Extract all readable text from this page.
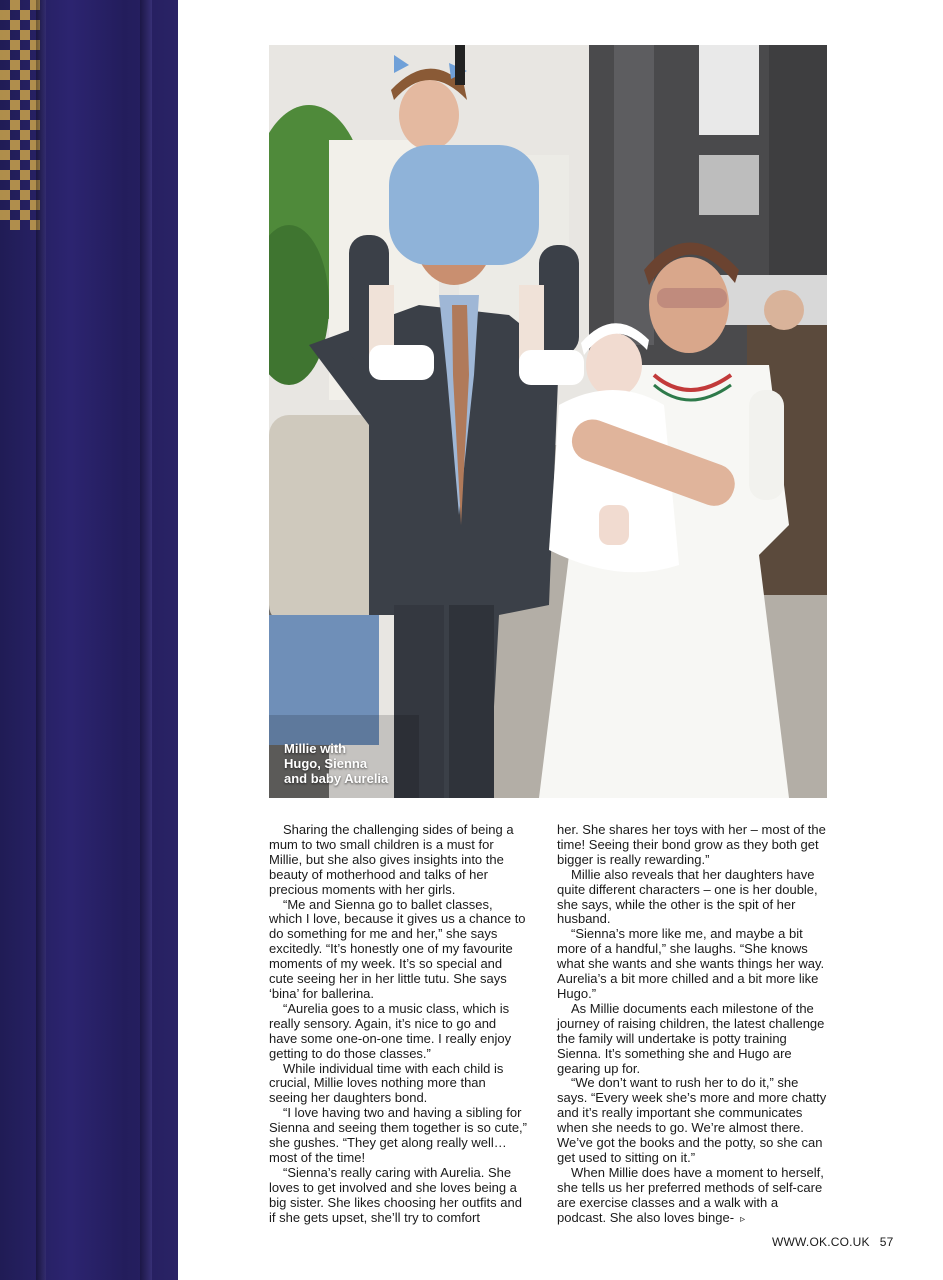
Millie with
Hugo, Sienna
and baby Aurelia

Sharing the challenging sides of being a mum to two small children is a must for Millie, but she also gives insights into the beauty of motherhood and talks of her precious moments with her girls.

“Me and Sienna go to ballet classes, which I love, because it gives us a chance to do something for me and her,” she says excitedly. “It’s honestly one of my favourite moments of my week. It’s so special and cute seeing her in her little tutu. She says ‘bina’ for ballerina.

“Aurelia goes to a music class, which is really sensory. Again, it’s nice to go and have some one-on-one time. I really enjoy getting to do those classes.”

While individual time with each child is crucial, Millie loves nothing more than seeing her daughters bond.

“I love having two and having a sibling for Sienna and seeing them together is so cute,” she gushes. “They get along really well… most of the time!

“Sienna’s really caring with Aurelia. She loves to get involved and she loves being a big sister. She likes choosing her outfits and if she gets upset, she’ll try to comfort

her. She shares her toys with her – most of the time! Seeing their bond grow as they both get bigger is really rewarding.”

Millie also reveals that her daughters have quite different characters – one is her double, she says, while the other is the spit of her husband.

“Sienna’s more like me, and maybe a bit more of a handful,” she laughs. “She knows what she wants and she wants things her way. Aurelia’s a bit more chilled and a bit more like Hugo.”

As Millie documents each milestone of the journey of raising children, the latest challenge the family will undertake is potty training Sienna. It’s something she and Hugo are gearing up for.

“We don’t want to rush her to do it,” she says. “Every week she’s more and more chatty and it’s really important she communicates when she needs to go. We’re almost there. We’ve got the books and the potty, so she can get used to sitting on it.”

When Millie does have a moment to herself, she tells us her preferred methods of self-care are exercise classes and a walk with a podcast. She also loves binge- ▹

WWW.OK.CO.UK 57
